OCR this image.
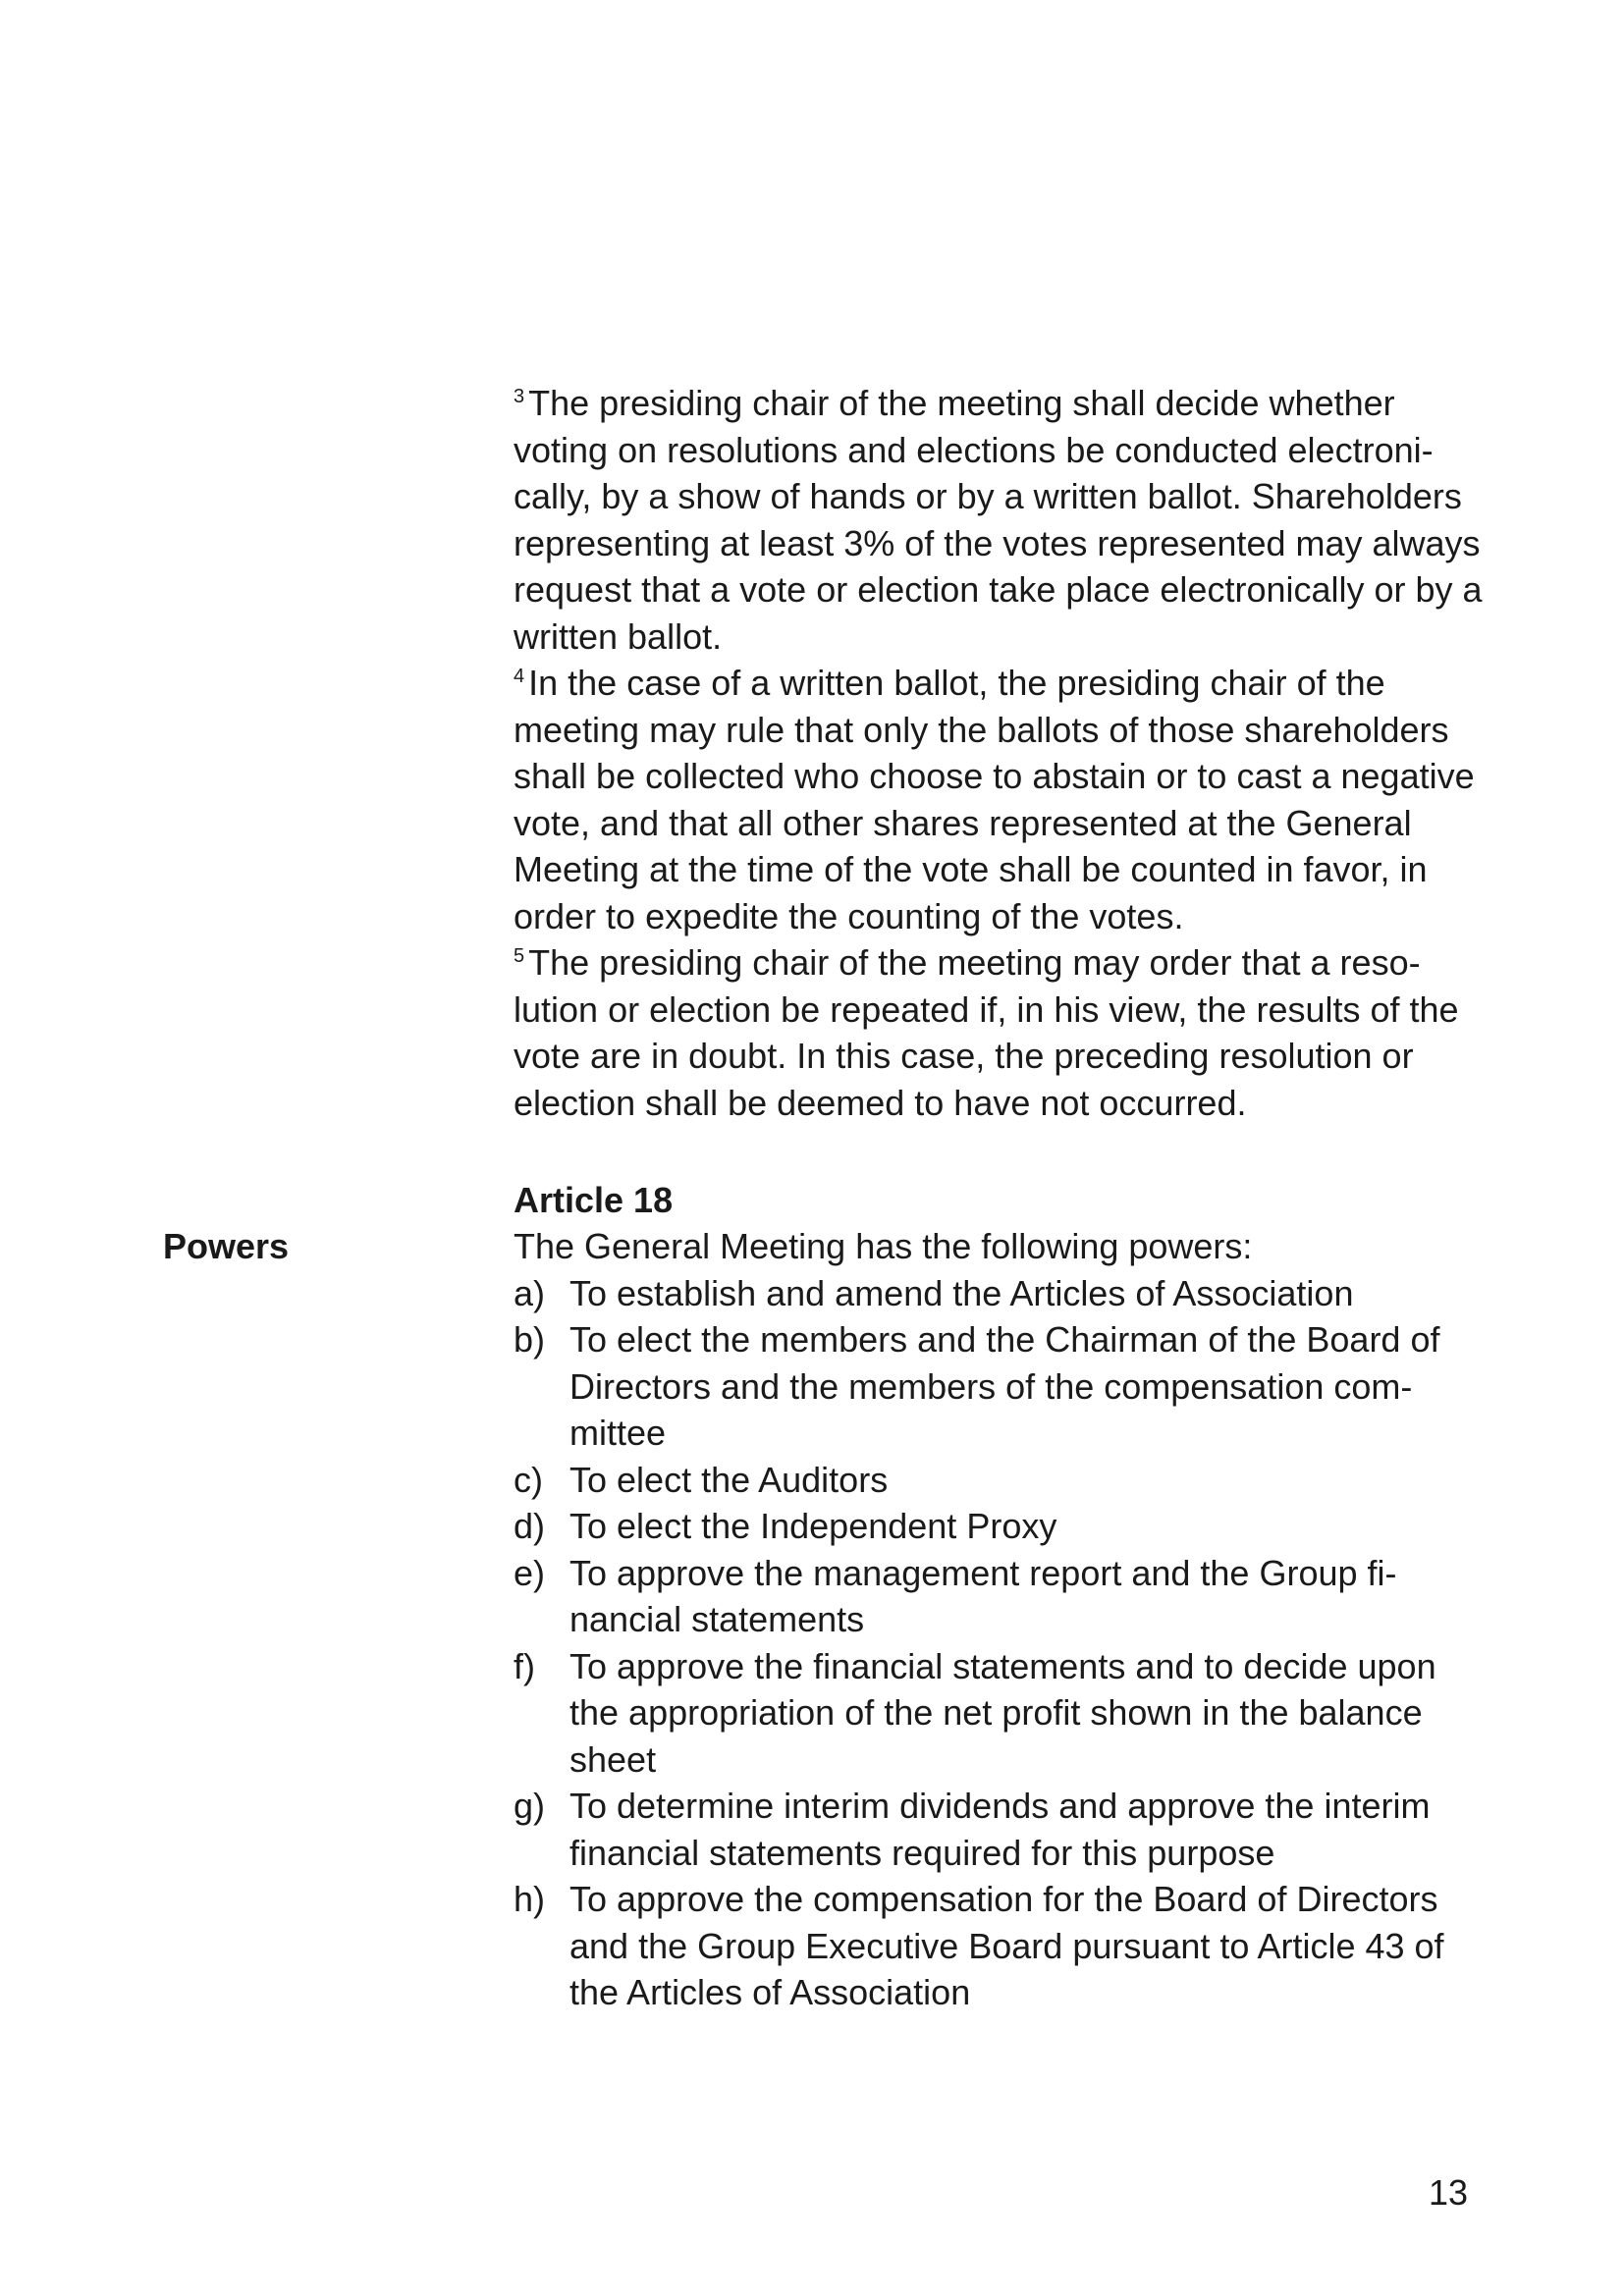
$^3$ The presiding chair of the meeting shall decide whether voting on resolutions and elections be conducted electronically, by a show of hands or by a written ballot. Shareholders representing at least 3% of the votes represented may always request that a vote or election take place electronically or by a written ballot.

$^4$ In the case of a written ballot, the presiding chair of the meeting may rule that only the ballots of those shareholders shall be collected who choose to abstain or to cast a negative vote, and that all other shares represented at the General Meeting at the time of the vote shall be counted in favor, in order to expedite the counting of the votes.

$^5$ The presiding chair of the meeting may order that a resolution or election be repeated if, in his view, the results of the vote are in doubt. In this case, the preceding resolution or election shall be deemed to have not occurred.

Article 18
Powers	The General Meeting has the following powers:

a) To establish and amend the Articles of Association
b) To elect the members and the Chairman of the Board of Directors and the members of the compensation committee
c) To elect the Auditors
d) To elect the Independent Proxy
e) To approve the management report and the Group financial statements
f) To approve the financial statements and to decide upon the appropriation of the net profit shown in the balance sheet
g) To determine interim dividends and approve the interim financial statements required for this purpose
h) To approve the compensation for the Board of Directors and the Group Executive Board pursuant to Article 43 of the Articles of Association
13
